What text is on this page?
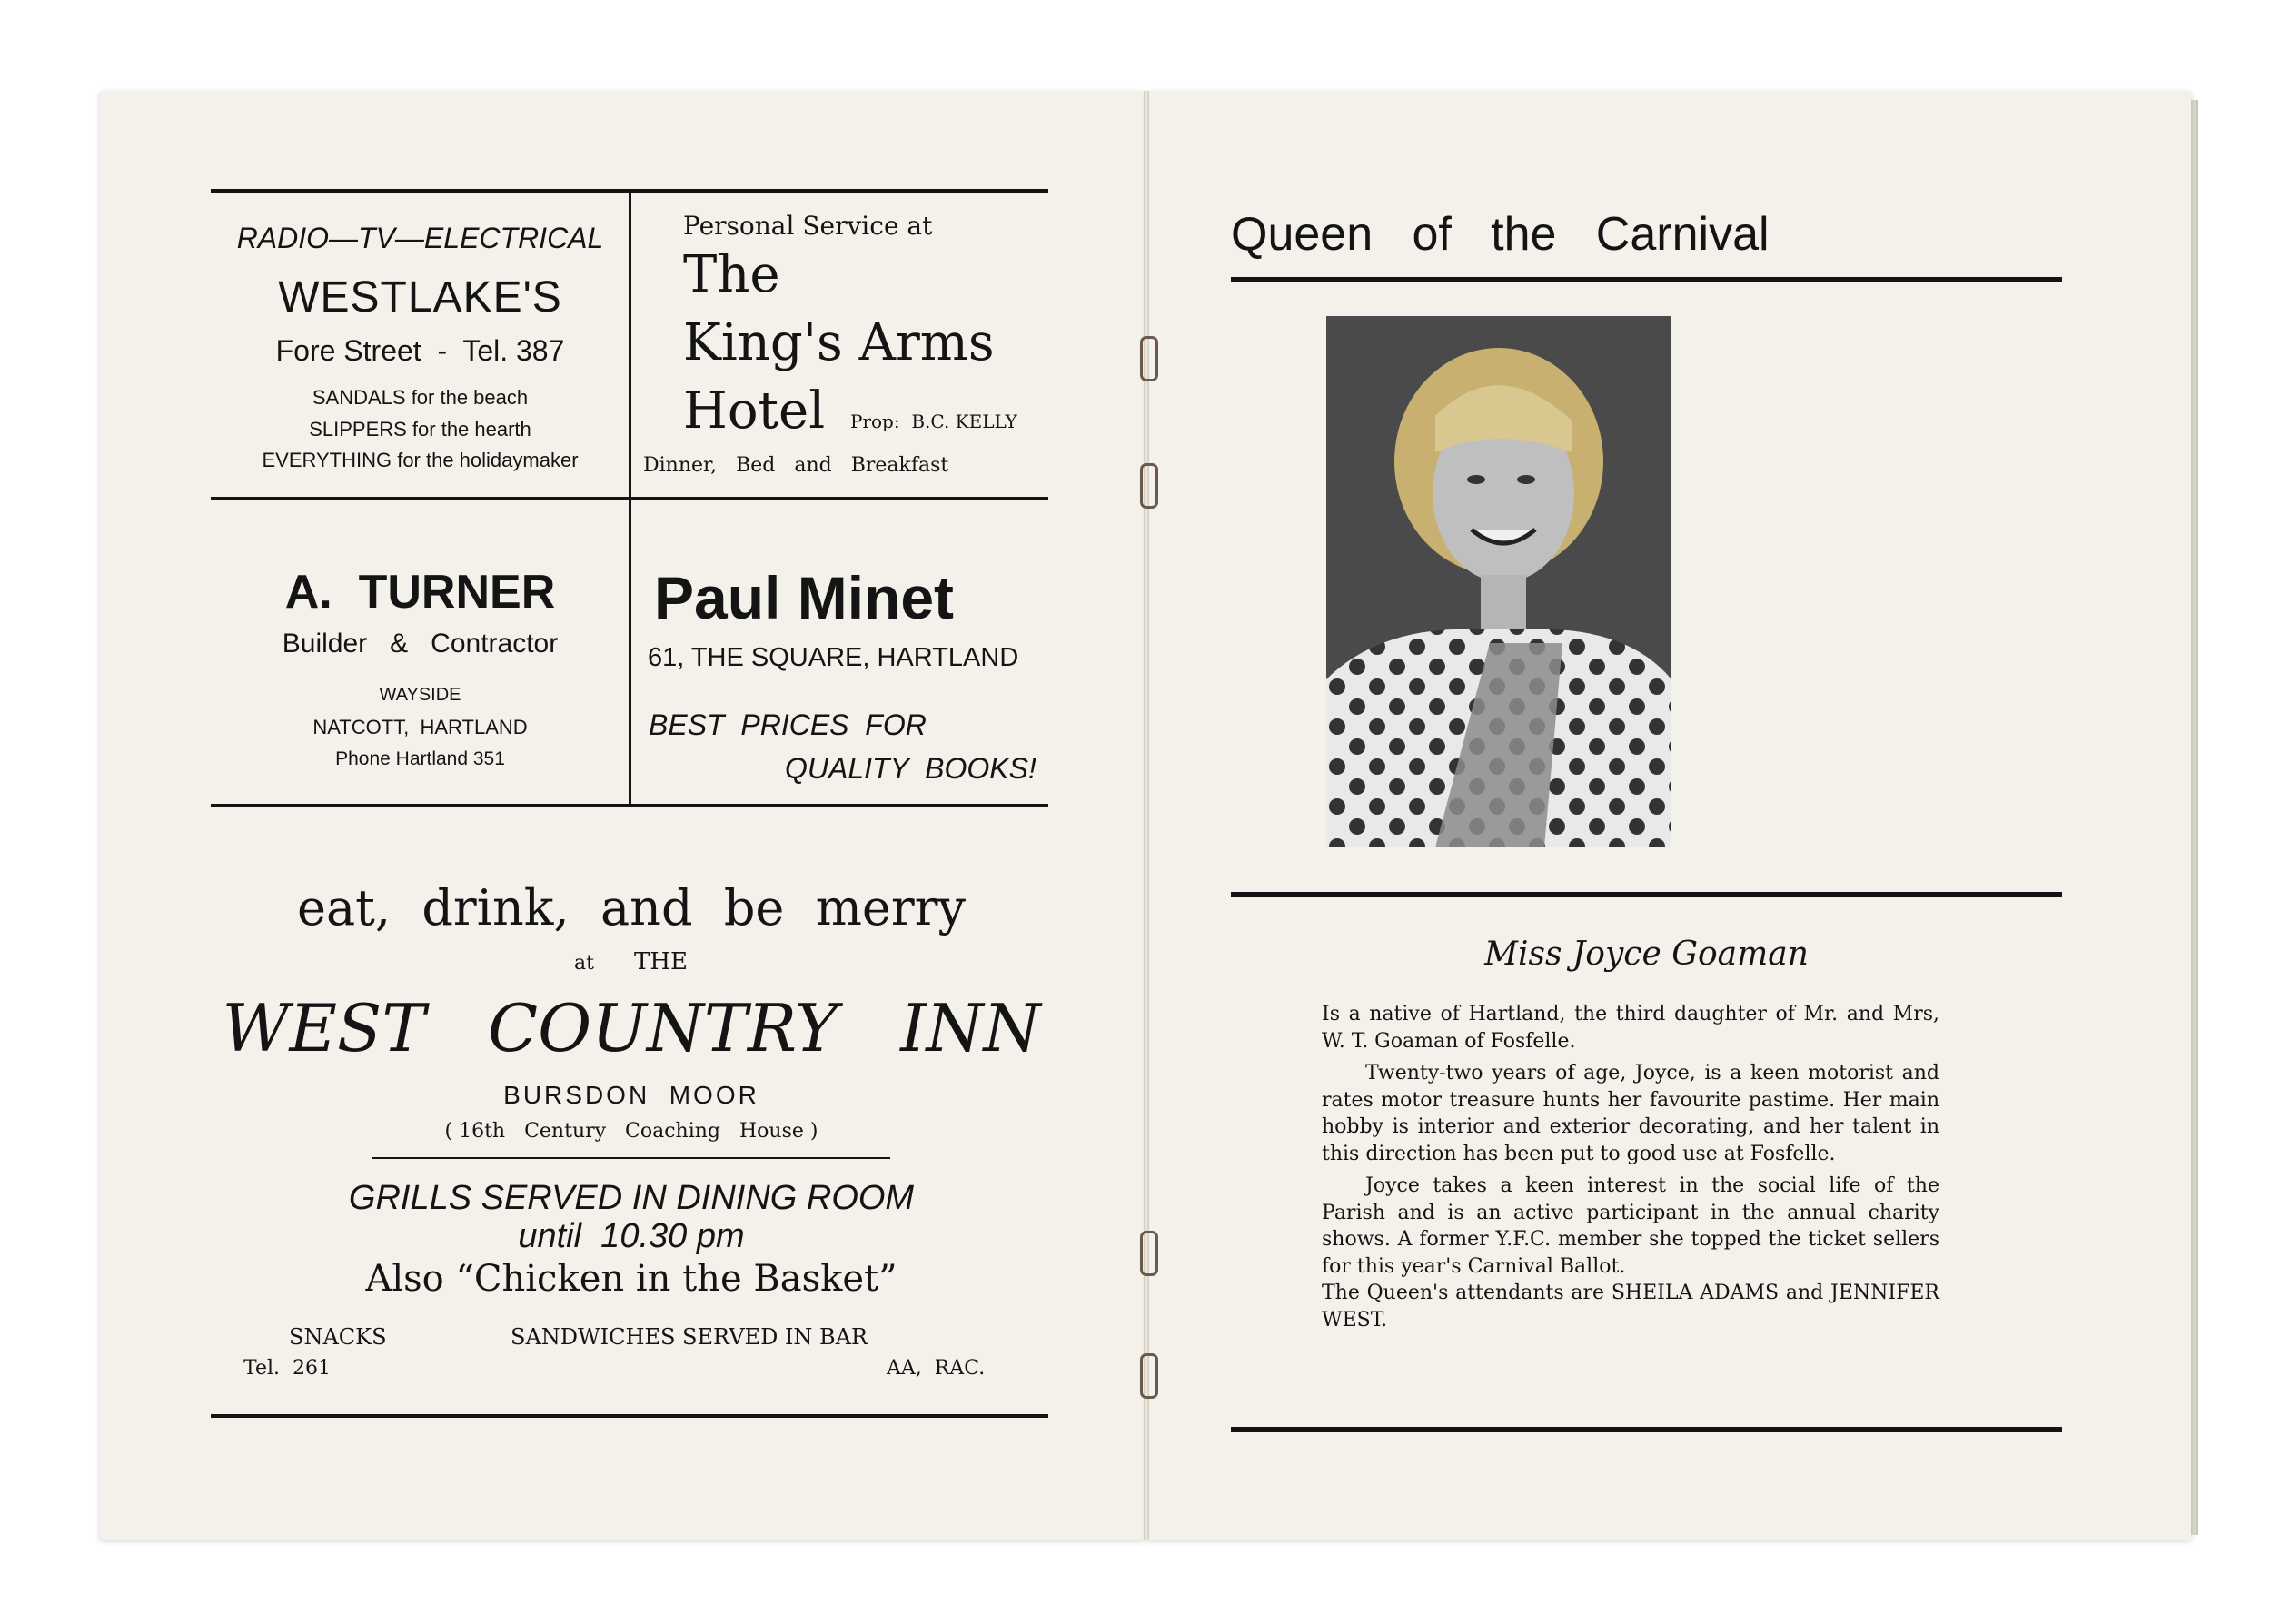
RADIO—TV—ELECTRICAL
WESTLAKE'S
Fore Street  -  Tel. 387
SANDALS for the beach
SLIPPERS for the hearth
EVERYTHING for the holidaymaker
Personal Service at
The
King's Arms
Hotel Prop:  B.C. KELLY
Dinner,   Bed   and   Breakfast
A.  TURNER
Builder   &   Contractor
WAYSIDE
NATCOTT,  HARTLAND
Phone Hartland 351
Paul Minet
61, THE SQUARE, HARTLAND
BEST  PRICES  FOR
QUALITY  BOOKS!
eat,  drink,  and  be  merry
at THE
WEST   COUNTRY   INN
BURSDON  MOOR
( 16th   Century   Coaching   House )
GRILLS SERVED IN DINING ROOM
until  10.30 pm
Also “Chicken in the Basket”
SNACKS	SANDWICHES SERVED IN BAR
Tel.  261	AA,  RAC.
Queen   of   the   Carnival
Miss Joyce Goaman

Is a native of Hartland, the third daughter of Mr. and Mrs, W. T. Goaman of Fosfelle.

Twenty-two years of age, Joyce, is a keen motorist and rates motor treasure hunts her favourite pastime. Her main hobby is interior and exterior decorating, and her talent in this direction has been put to good use at Fosfelle.

Joyce takes a keen interest in the social life of the Parish and is an active participant in the annual charity shows. A former Y.F.C. member she topped the ticket sellers for this year's Carnival Ballot.

The Queen's attendants are SHEILA ADAMS and JENNIFER WEST.
